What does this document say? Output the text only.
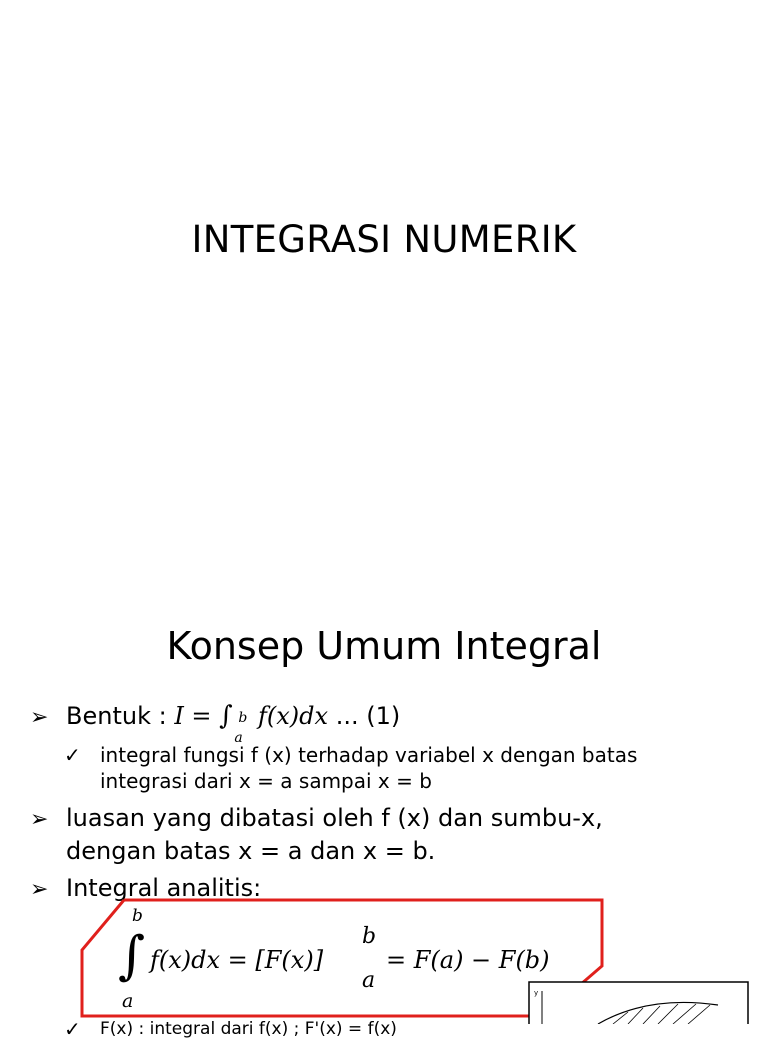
INTEGRASI NUMERIK
Konsep Umum Integral
➢ Bentuk : I = ∫ b
a
f(x)dx ... (1)
✓ integral fungsi f (x) terhadap variabel x dengan batas
integrasi dari x = a sampai x = b
➢ luasan yang dibatasi oleh f (x) dan sumbu-x,
dengan batas x = a dan x = b.
➢ Integral analitis:
b
∫
a
f(x)dx = [F(x)]
b
a
= F(a) − F(b)
✓ F(x) : integral dari f(x) ; F'(x) = f(x)
y
